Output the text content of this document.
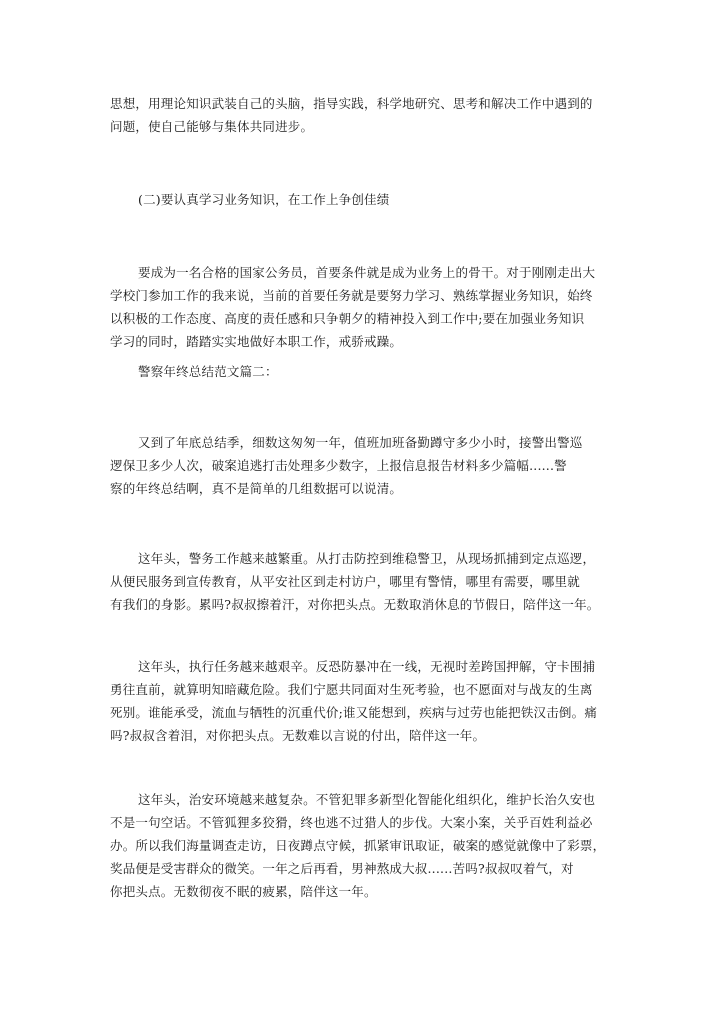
思想，用理论知识武装自己的头脑，指导实践，科学地研究、思考和解决工作中遇到的
问题，使自己能够与集体共同进步。

(二)要认真学习业务知识，在工作上争创佳绩

要成为一名合格的国家公务员，首要条件就是成为业务上的骨干。对于刚刚走出大
学校门参加工作的我来说，当前的首要任务就是要努力学习、熟练掌握业务知识，始终
以积极的工作态度、高度的责任感和只争朝夕的精神投入到工作中;要在加强业务知识
学习的同时，踏踏实实地做好本职工作，戒骄戒躁。

警察年终总结范文篇二：

又到了年底总结季，细数这匆匆一年，值班加班备勤蹲守多少小时，接警出警巡
逻保卫多少人次，破案追逃打击处理多少数字，上报信息报告材料多少篇幅......警
察的年终总结啊，真不是简单的几组数据可以说清。

这年头，警务工作越来越繁重。从打击防控到维稳警卫，从现场抓捕到定点巡逻，
从便民服务到宣传教育，从平安社区到走村访户，哪里有警情，哪里有需要，哪里就
有我们的身影。累吗?叔叔擦着汗，对你把头点。无数取消休息的节假日，陪伴这一年。

这年头，执行任务越来越艰辛。反恐防暴冲在一线，无视时差跨国押解，守卡围捕
勇往直前，就算明知暗藏危险。我们宁愿共同面对生死考验，也不愿面对与战友的生离
死别。谁能承受，流血与牺牲的沉重代价;谁又能想到，疾病与过劳也能把铁汉击倒。痛
吗?叔叔含着泪，对你把头点。无数难以言说的付出，陪伴这一年。

这年头，治安环境越来越复杂。不管犯罪多新型化智能化组织化，维护长治久安也
不是一句空话。不管狐狸多狡猾，终也逃不过猎人的步伐。大案小案，关乎百姓利益必
办。所以我们海量调查走访，日夜蹲点守候，抓紧审讯取证，破案的感觉就像中了彩票，
奖品便是受害群众的微笑。一年之后再看，男神熬成大叔......苦吗?叔叔叹着气，对
你把头点。无数彻夜不眠的疲累，陪伴这一年。
